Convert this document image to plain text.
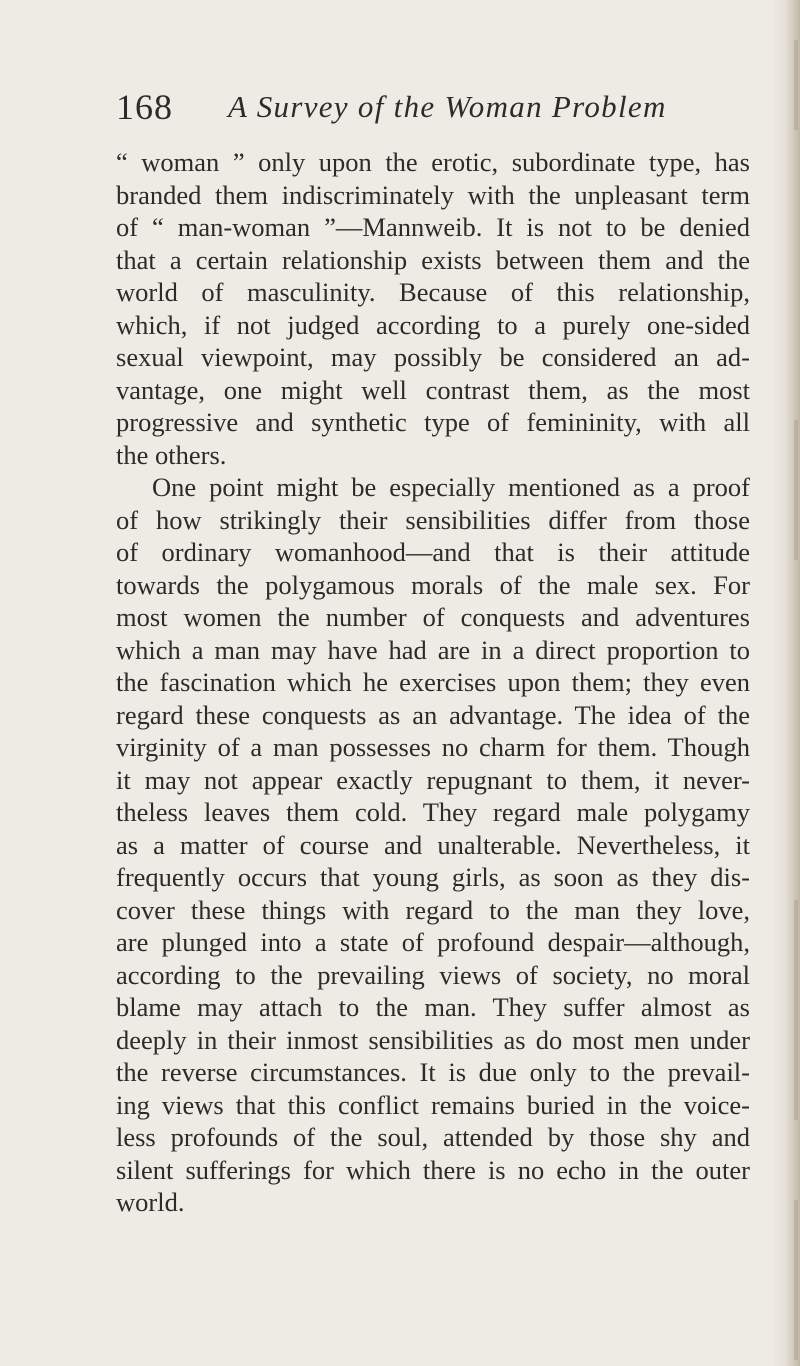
168 A Survey of the Woman Problem
“ woman ” only upon the erotic, subordinate type, has
branded them indiscriminately with the unpleasant term
of “ man-woman ”—Mannweib. It is not to be denied
that a certain relationship exists between them and the
world of masculinity. Because of this relationship,
which, if not judged according to a purely one-sided
sexual viewpoint, may possibly be considered an ad-
vantage, one might well contrast them, as the most
progressive and synthetic type of femininity, with all
the others.
One point might be especially mentioned as a proof
of how strikingly their sensibilities differ from those
of ordinary womanhood—and that is their attitude
towards the polygamous morals of the male sex. For
most women the number of conquests and adventures
which a man may have had are in a direct proportion to
the fascination which he exercises upon them; they even
regard these conquests as an advantage. The idea of the
virginity of a man possesses no charm for them. Though
it may not appear exactly repugnant to them, it never-
theless leaves them cold. They regard male polygamy
as a matter of course and unalterable. Nevertheless, it
frequently occurs that young girls, as soon as they dis-
cover these things with regard to the man they love,
are plunged into a state of profound despair—although,
according to the prevailing views of society, no moral
blame may attach to the man. They suffer almost as
deeply in their inmost sensibilities as do most men under
the reverse circumstances. It is due only to the prevail-
ing views that this conflict remains buried in the voice-
less profounds of the soul, attended by those shy and
silent sufferings for which there is no echo in the outer
world.
